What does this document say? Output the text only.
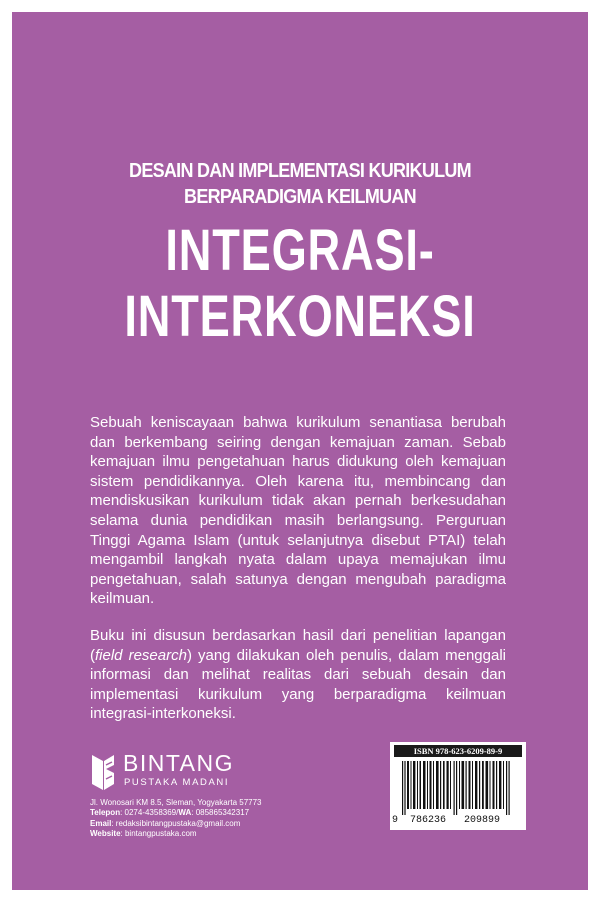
DESAIN DAN IMPLEMENTASI KURIKULUM
BERPARADIGMA KEILMUAN
INTEGRASI-
INTERKONEKSI
Sebuah keniscayaan bahwa kurikulum senantiasa berubah dan berkembang seiring dengan kemajuan zaman. Sebab kemajuan ilmu pengetahuan harus didukung oleh kemajuan sistem pendidikannya. Oleh karena itu, membincang dan mendiskusikan kurikulum tidak akan pernah berkesudahan selama dunia pendidikan masih berlangsung. Perguruan Tinggi Agama Islam (untuk selanjutnya disebut PTAI) telah mengambil langkah nyata dalam upaya memajukan ilmu pengetahuan, salah satunya dengan mengubah paradigma keilmuan.
Buku ini disusun berdasarkan hasil dari penelitian lapangan (field research) yang dilakukan oleh penulis, dalam menggali informasi dan melihat realitas dari sebuah desain dan implementasi kurikulum yang berparadigma keilmuan integrasi-interkoneksi.
BINTANG
PUSTAKA MADANI
Jl. Wonosari KM 8.5, Sleman, Yogyakarta 57773
Telepon: 0274-4358369/WA: 085865342317
Email: redaksibintangpustaka@gmail.com
Website: bintangpustaka.com
ISBN 978-623-6209-89-9
9 786236 209899
